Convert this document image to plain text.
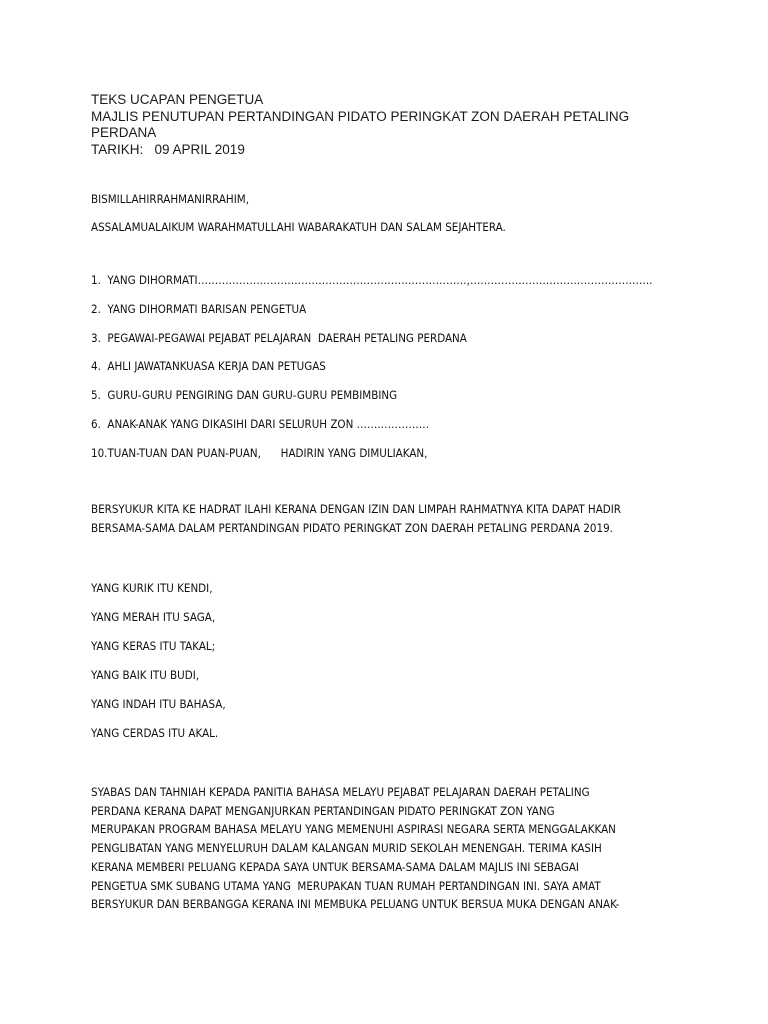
TEKS UCAPAN PENGETUA
MAJLIS PENUTUPAN PERTANDINGAN PIDATO PERINGKAT ZON DAERAH PETALING
PERDANA
TARIKH:   09 APRIL 2019
BISMILLAHIRRAHMANIRRAHIM,
ASSALAMUALAIKUM WARAHMATULLAHI WABARAKATUH DAN SALAM SEJAHTERA.
1.  YANG DIHORMATI……………………………………………………………………,……………………………………………..
2.  YANG DIHORMATI BARISAN PENGETUA
3.  PEGAWAI-PEGAWAI PEJABAT PELAJARAN  DAERAH PETALING PERDANA
4.  AHLI JAWATANKUASA KERJA DAN PETUGAS
5.  GURU-GURU PENGIRING DAN GURU-GURU PEMBIMBING
6.  ANAK-ANAK YANG DIKASIHI DARI SELURUH ZON …………………
10.TUAN-TUAN DAN PUAN-PUAN,      HADIRIN YANG DIMULIAKAN,
BERSYUKUR KITA KE HADRAT ILAHI KERANA DENGAN IZIN DAN LIMPAH RAHMATNYA KITA DAPAT HADIR
BERSAMA-SAMA DALAM PERTANDINGAN PIDATO PERINGKAT ZON DAERAH PETALING PERDANA 2019.
YANG KURIK ITU KENDI,
YANG MERAH ITU SAGA,
YANG KERAS ITU TAKAL;
YANG BAIK ITU BUDI,
YANG INDAH ITU BAHASA,
YANG CERDAS ITU AKAL.
SYABAS DAN TAHNIAH KEPADA PANITIA BAHASA MELAYU PEJABAT PELAJARAN DAERAH PETALING
PERDANA KERANA DAPAT MENGANJURKAN PERTANDINGAN PIDATO PERINGKAT ZON YANG
MERUPAKAN PROGRAM BAHASA MELAYU YANG MEMENUHI ASPIRASI NEGARA SERTA MENGGALAKKAN
PENGLIBATAN YANG MENYELURUH DALAM KALANGAN MURID SEKOLAH MENENGAH. TERIMA KASIH
KERANA MEMBERI PELUANG KEPADA SAYA UNTUK BERSAMA-SAMA DALAM MAJLIS INI SEBAGAI
PENGETUA SMK SUBANG UTAMA YANG  MERUPAKAN TUAN RUMAH PERTANDINGAN INI. SAYA AMAT
BERSYUKUR DAN BERBANGGA KERANA INI MEMBUKA PELUANG UNTUK BERSUA MUKA DENGAN ANAK-
